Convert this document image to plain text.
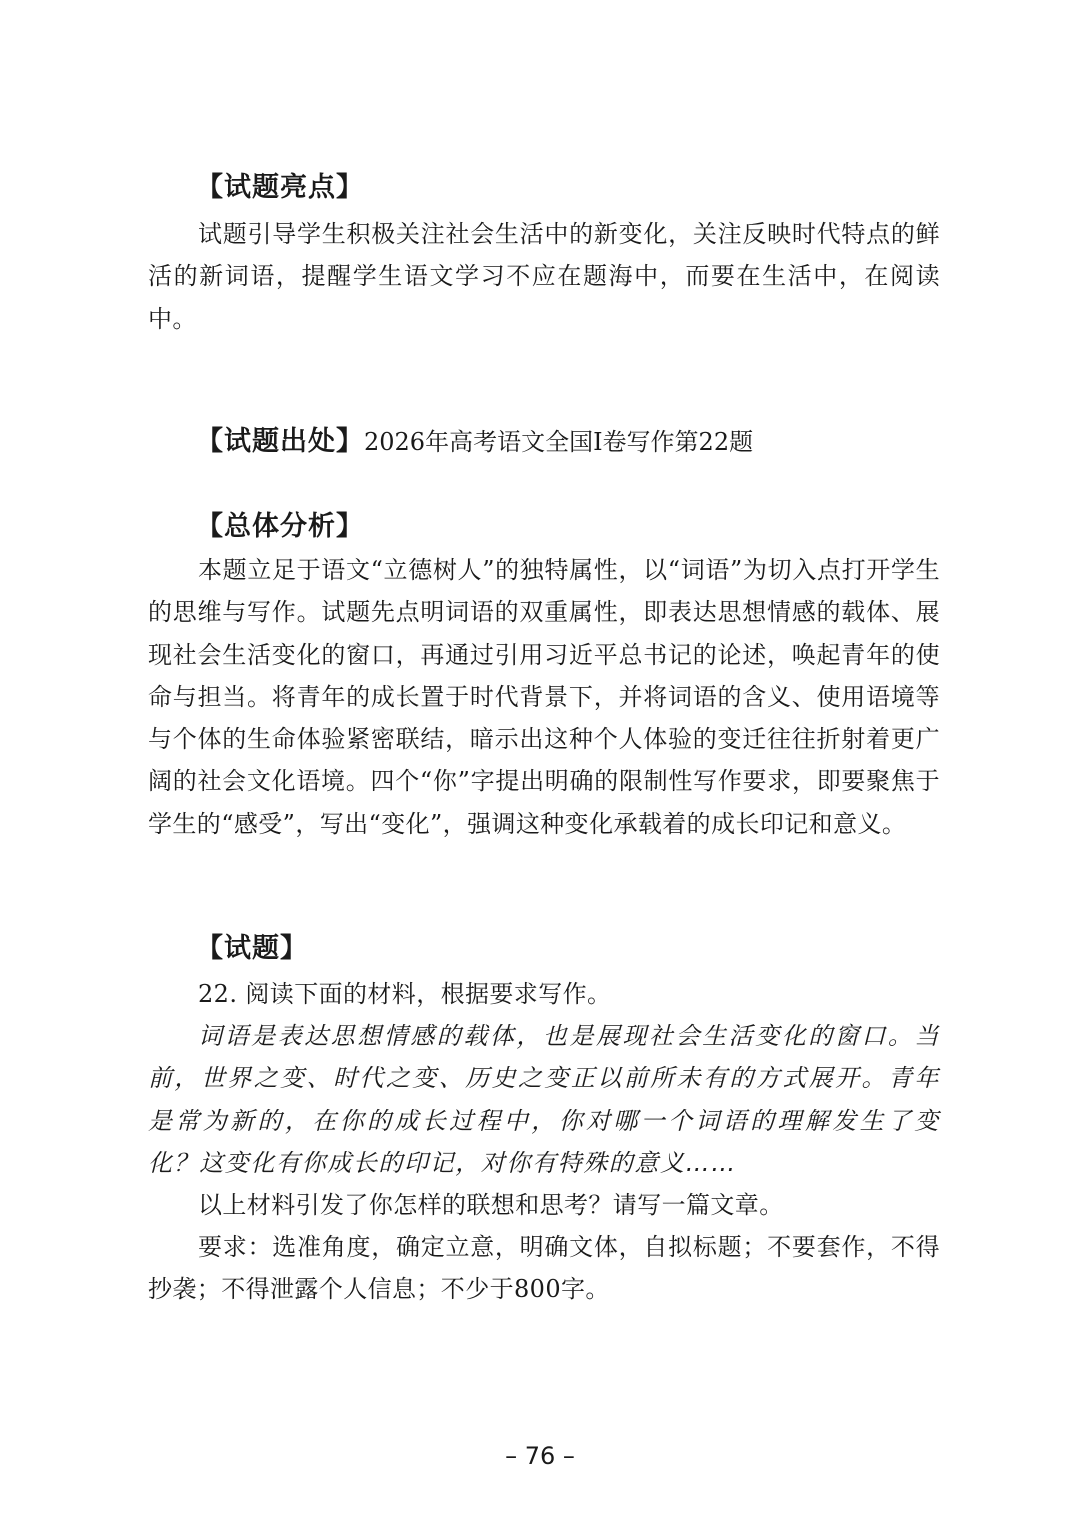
【试题亮点】
试题引导学生积极关注社会生活中的新变化，关注反映时代特点的鲜活的新词语，提醒学生语文学习不应在题海中，而要在生活中，在阅读中。
【试题出处】2026年高考语文全国Ⅰ卷写作第22题
【总体分析】
本题立足于语文“立德树人”的独特属性，以“词语”为切入点打开学生的思维与写作。试题先点明词语的双重属性，即表达思想情感的载体、展现社会生活变化的窗口，再通过引用习近平总书记的论述，唤起青年的使命与担当。将青年的成长置于时代背景下，并将词语的含义、使用语境等与个体的生命体验紧密联结，暗示出这种个人体验的变迁往往折射着更广阔的社会文化语境。四个“你”字提出明确的限制性写作要求，即要聚焦于学生的“感受”，写出“变化”，强调这种变化承载着的成长印记和意义。
【试题】
22. 阅读下面的材料，根据要求写作。
词语是表达思想情感的载体，也是展现社会生活变化的窗口。当前，世界之变、时代之变、历史之变正以前所未有的方式展开。青年是常为新的，在你的成长过程中，你对哪一个词语的理解发生了变化？这变化有你成长的印记，对你有特殊的意义……
以上材料引发了你怎样的联想和思考？请写一篇文章。
要求：选准角度，确定立意，明确文体，自拟标题；不要套作，不得抄袭；不得泄露个人信息；不少于800字。
– 76 –
